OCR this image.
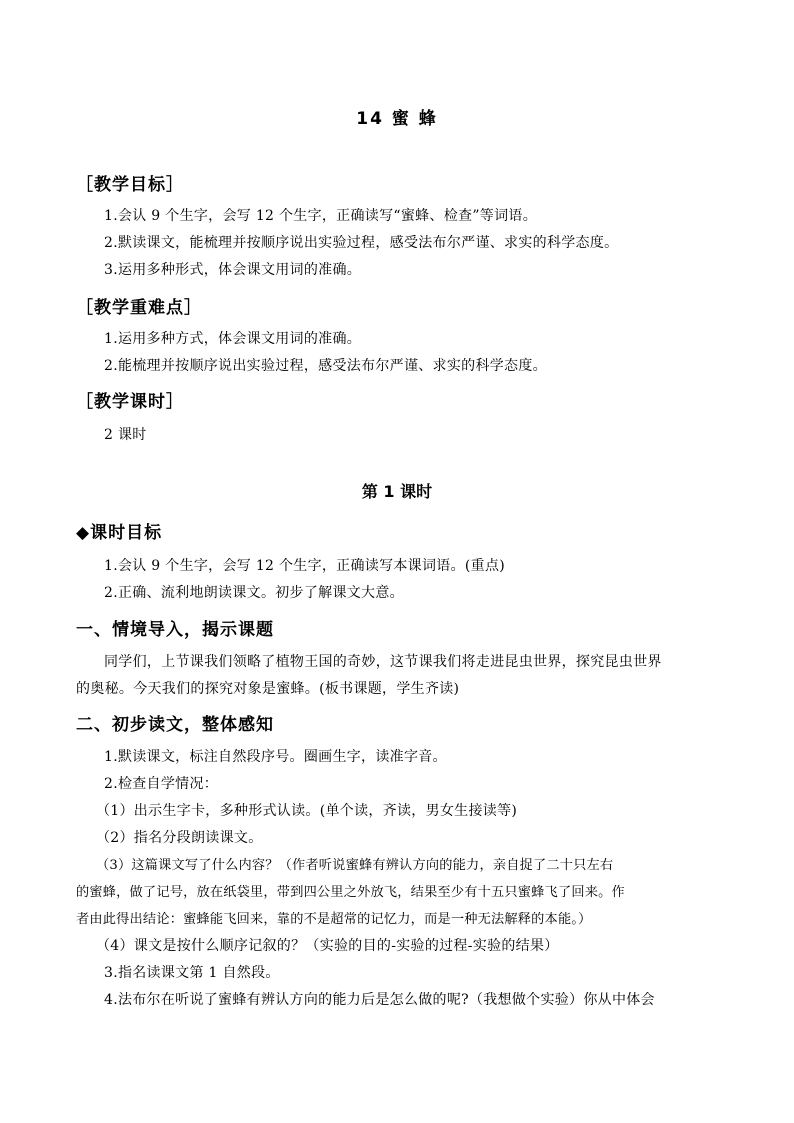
14 蜜 蜂
［教学目标］
1.会认 9 个生字，会写 12 个生字，正确读写“蜜蜂、检查”等词语。
2.默读课文，能梳理并按顺序说出实验过程，感受法布尔严谨、求实的科学态度。
3.运用多种形式，体会课文用词的准确。
［教学重难点］
1.运用多种方式，体会课文用词的准确。
2.能梳理并按顺序说出实验过程，感受法布尔严谨、求实的科学态度。
［教学课时］
2 课时
第 1 课时
◆课时目标
1.会认 9 个生字，会写 12 个生字，正确读写本课词语。(重点)
2.正确、流利地朗读课文。初步了解课文大意。
一、情境导入，揭示课题
同学们，上节课我们领略了植物王国的奇妙，这节课我们将走进昆虫世界，探究昆虫世界
的奥秘。今天我们的探究对象是蜜蜂。(板书课题，学生齐读)
二、初步读文，整体感知
1.默读课文，标注自然段序号。圈画生字，读准字音。
2.检查自学情况：
（1）出示生字卡，多种形式认读。(单个读，齐读，男女生接读等)
（2）指名分段朗读课文。
（3）这篇课文写了什么内容？（作者听说蜜蜂有辨认方向的能力，亲自捉了二十只左右
的蜜蜂，做了记号，放在纸袋里，带到四公里之外放飞，结果至少有十五只蜜蜂飞了回来。作
者由此得出结论：蜜蜂能飞回来，靠的不是超常的记忆力，而是一种无法解释的本能。）
（4）课文是按什么顺序记叙的？（实验的目的-实验的过程-实验的结果）
3.指名读课文第 1 自然段。
4.法布尔在听说了蜜蜂有辨认方向的能力后是怎么做的呢?（我想做个实验）你从中体会
